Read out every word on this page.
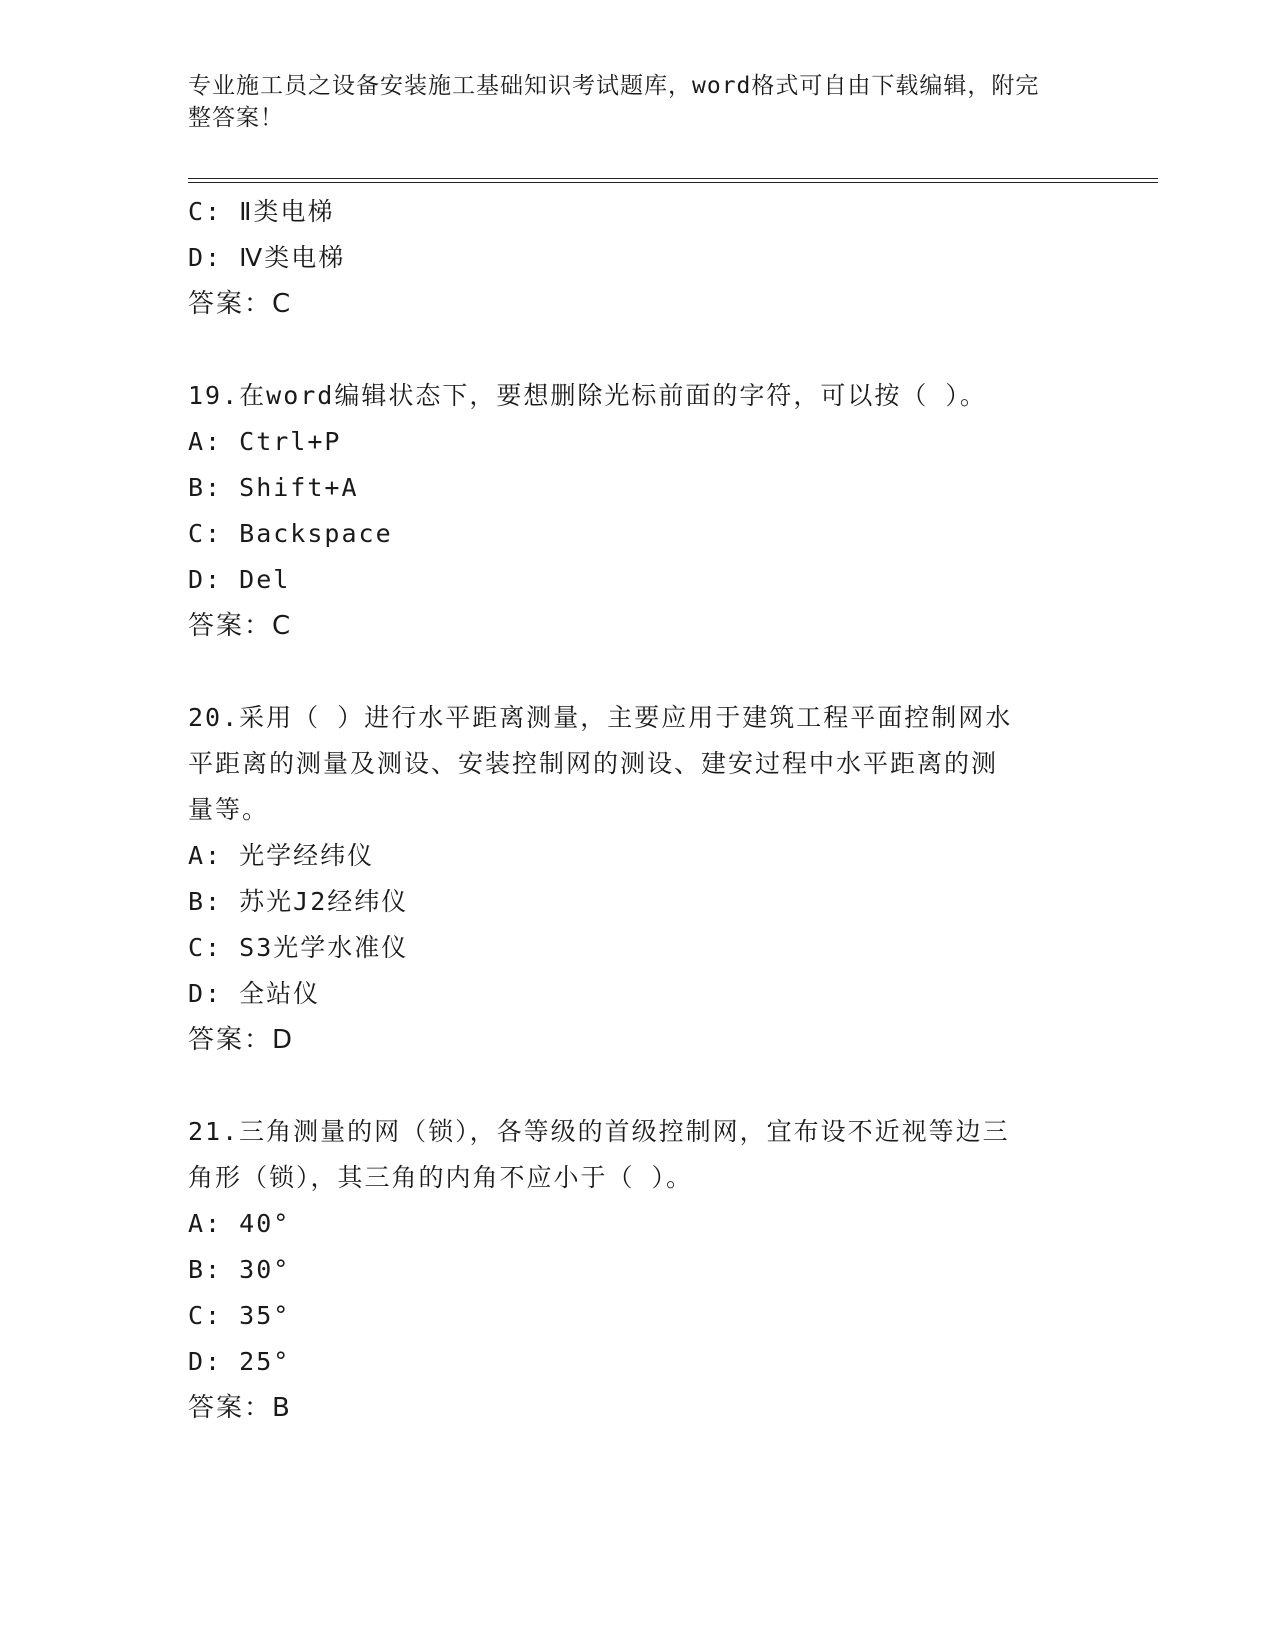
专业施工员之设备安装施工基础知识考试题库，word格式可自由下载编辑，附完
整答案！
C: Ⅱ类电梯
D: Ⅳ类电梯
答案：C
19.在word编辑状态下，要想删除光标前面的字符，可以按（ ）。
A: Ctrl+P
B: Shift+A
C: Backspace
D: Del
答案：C
20.采用（ ）进行水平距离测量，主要应用于建筑工程平面控制网水
平距离的测量及测设、安装控制网的测设、建安过程中水平距离的测
量等。
A: 光学经纬仪
B: 苏光J2经纬仪
C: S3光学水准仪
D: 全站仪
答案：D
21.三角测量的网（锁），各等级的首级控制网，宜布设不近视等边三
角形（锁），其三角的内角不应小于（ ）。
A: 40°
B: 30°
C: 35°
D: 25°
答案：B
